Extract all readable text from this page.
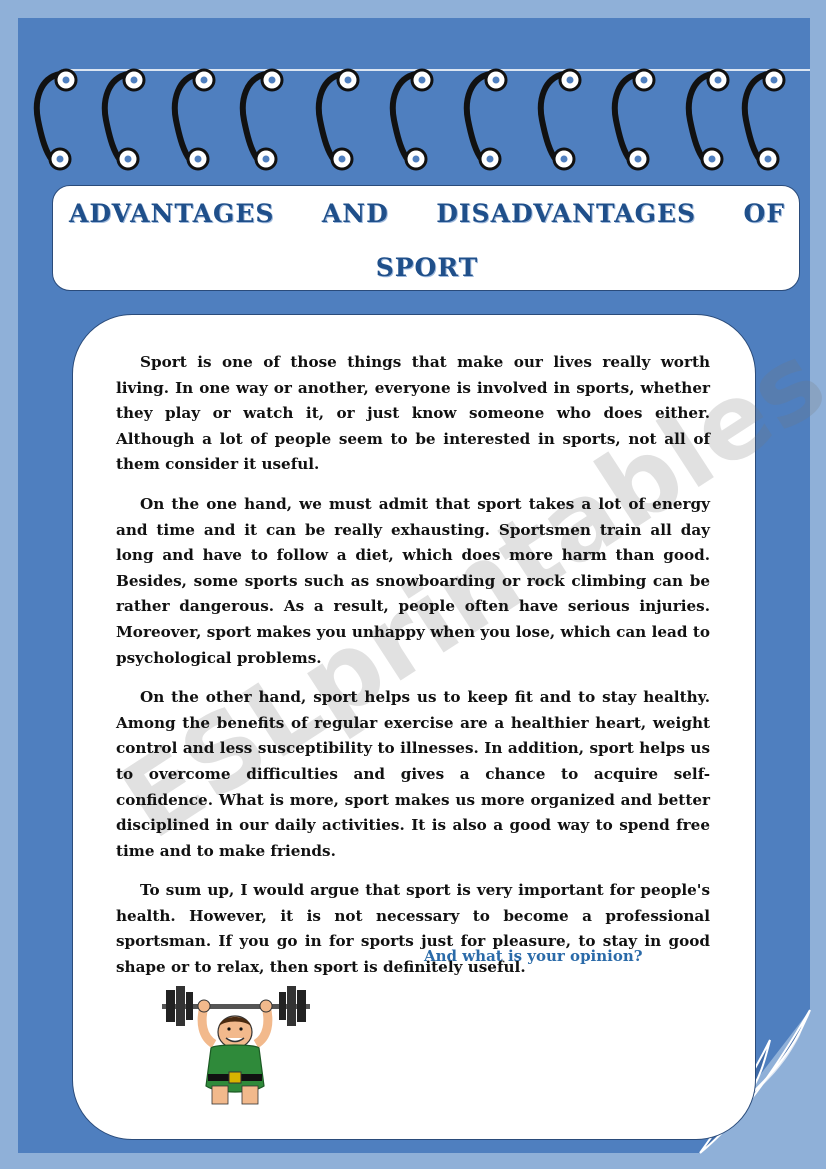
ADVANTAGES AND DISADVANTAGES OF
SPORT

Sport is one of those things that make our lives really worth living. In one way or another, everyone is involved in sports, whether they play or watch it, or just know someone who does either. Although a lot of people seem to be interested in sports, not all of them consider it useful.

On the one hand, we must admit that sport takes a lot of energy and time and it can be really exhausting. Sportsmen train all day long and have to follow a diet, which does more harm than good. Besides, some sports such as snowboarding or rock climbing can be rather dangerous. As a result, people often have serious injuries. Moreover, sport makes you unhappy when you lose, which can lead to psychological problems.

On the other hand, sport helps us to keep fit and to stay healthy. Among the benefits of regular exercise are a healthier heart, weight control and less susceptibility to illnesses. In addition, sport helps us to overcome difficulties and gives a chance to acquire self-confidence. What is more, sport makes us more organized and better disciplined in our daily activities. It is also a good way to spend free time and to make friends.

To sum up, I would argue that sport is very important for people's health. However, it is not necessary to become a professional sportsman. If you go in for sports just for pleasure, to stay in good shape or to relax, then sport is definitely useful.

And what is your opinion?
